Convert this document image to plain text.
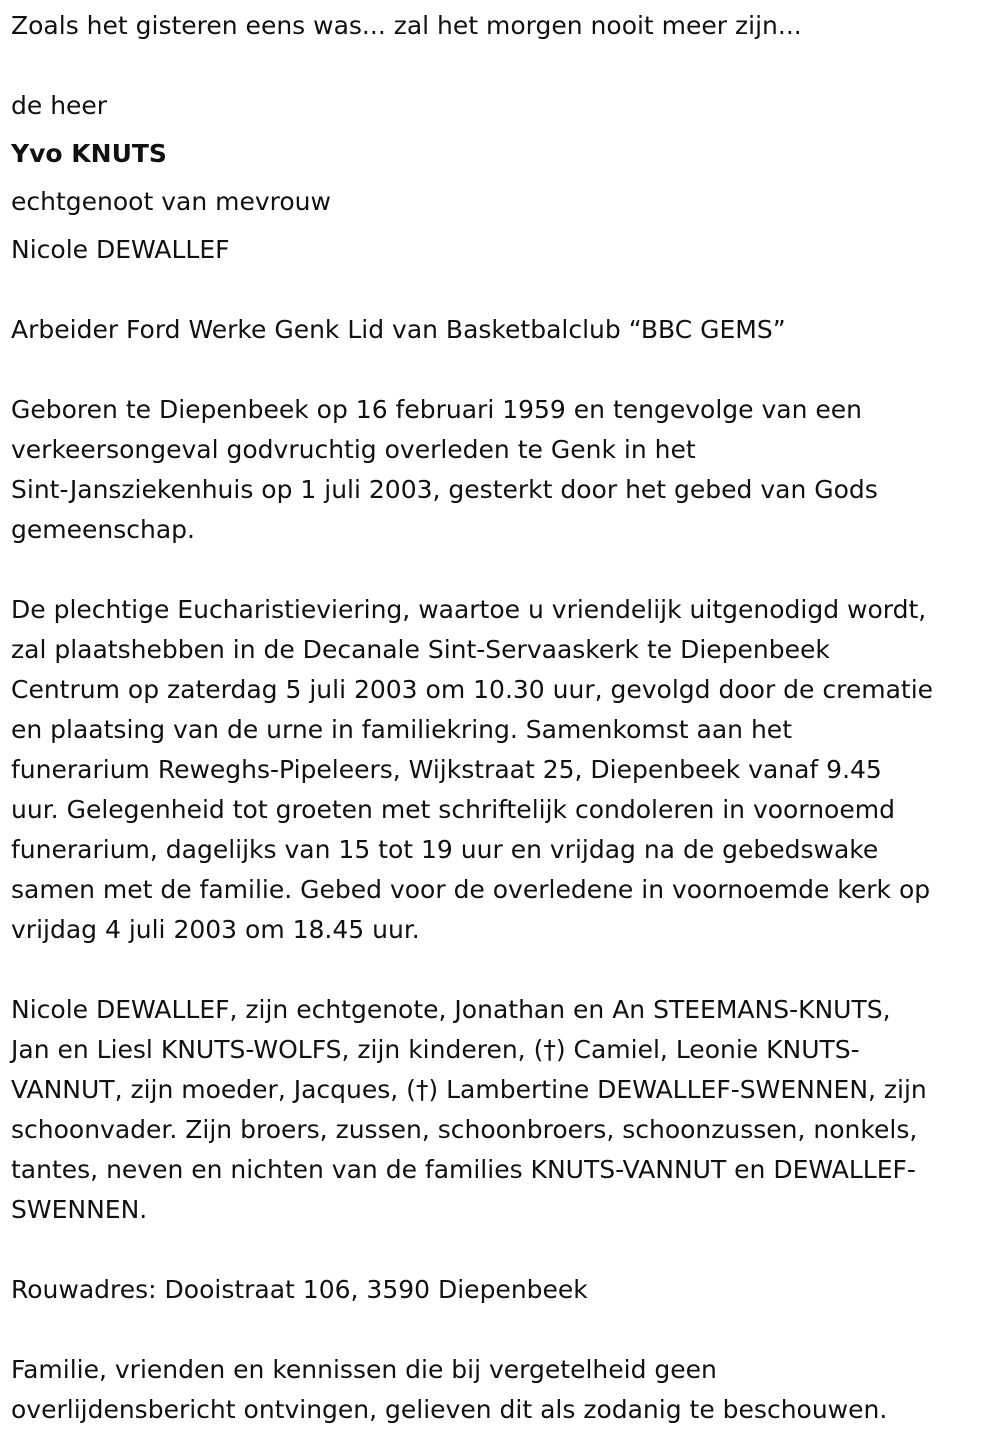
Zoals het gisteren eens was... zal het morgen nooit meer zijn...
de heer
Yvo KNUTS
echtgenoot van mevrouw
Nicole DEWALLEF
Arbeider Ford Werke Genk Lid van Basketbalclub “BBC GEMS”
Geboren te Diepenbeek op 16 februari 1959 en tengevolge van een
verkeersongeval godvruchtig overleden te Genk in het
Sint-Jansziekenhuis op 1 juli 2003, gesterkt door het gebed van Gods
gemeenschap.
De plechtige Eucharistieviering, waartoe u vriendelijk uitgenodigd wordt,
zal plaatshebben in de Decanale Sint-Servaaskerk te Diepenbeek
Centrum op zaterdag 5 juli 2003 om 10.30 uur, gevolgd door de crematie
en plaatsing van de urne in familiekring. Samenkomst aan het
funerarium Reweghs-Pipeleers, Wijkstraat 25, Diepenbeek vanaf 9.45
uur. Gelegenheid tot groeten met schriftelijk condoleren in voornoemd
funerarium, dagelijks van 15 tot 19 uur en vrijdag na de gebedswake
samen met de familie. Gebed voor de overledene in voornoemde kerk op
vrijdag 4 juli 2003 om 18.45 uur.
Nicole DEWALLEF, zijn echtgenote, Jonathan en An STEEMANS-KNUTS,
Jan en Liesl KNUTS-WOLFS, zijn kinderen, (†) Camiel, Leonie KNUTS-
VANNUT, zijn moeder, Jacques, (†) Lambertine DEWALLEF-SWENNEN, zijn
schoonvader. Zijn broers, zussen, schoonbroers, schoonzussen, nonkels,
tantes, neven en nichten van de families KNUTS-VANNUT en DEWALLEF-
SWENNEN.
Rouwadres: Dooistraat 106, 3590 Diepenbeek
Familie, vrienden en kennissen die bij vergetelheid geen
overlijdensbericht ontvingen, gelieven dit als zodanig te beschouwen.
